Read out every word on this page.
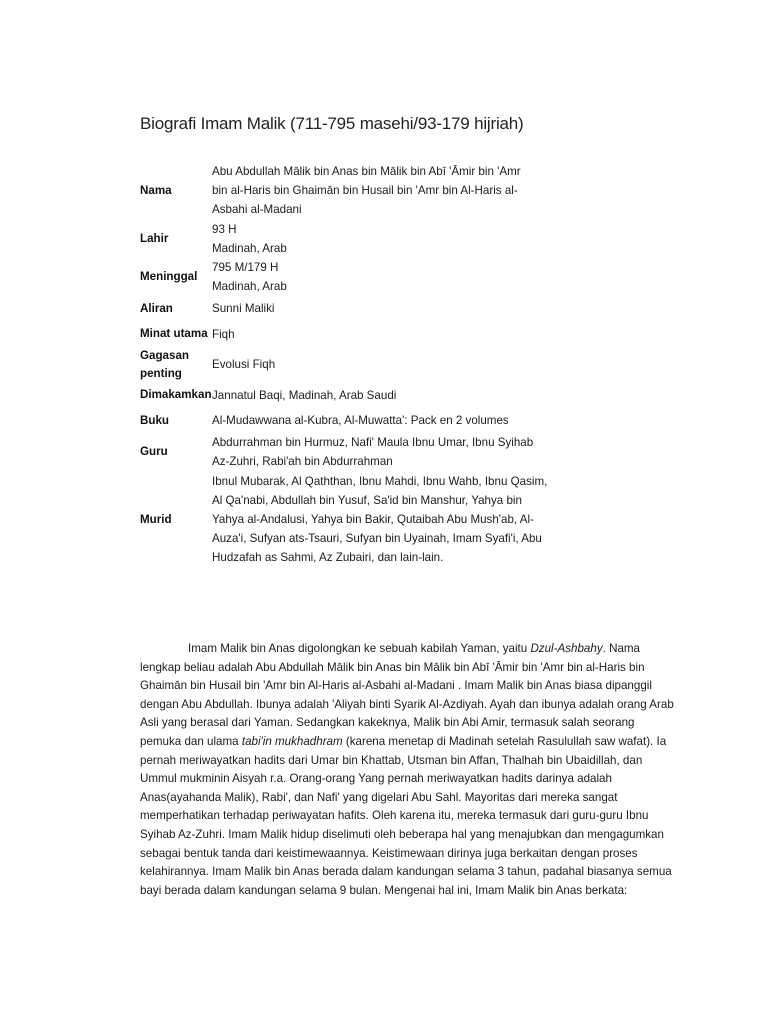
Biografi Imam Malik (711-795 masehi/93-179 hijriah)
Nama	Abu Abdullah Mālik bin Anas bin Mālik bin Abī 'Āmir bin 'Amr
bin al-Haris bin Ghaimān bin Husail bin 'Amr bin Al-Haris al-
Asbahi al-Madani

Lahir	93 H
Madinah, Arab

Meninggal	795 M/179 H
Madinah, Arab

Aliran	Sunni Maliki

Minat utama	Fiqh

Gagasan penting	Evolusi Fiqh

Dimakamkan	Jannatul Baqi, Madinah, Arab Saudi

Buku	Al-Mudawwana al-Kubra, Al-Muwatta': Pack en 2 volumes

Guru	Abdurrahman bin Hurmuz, Nafi' Maula Ibnu Umar, Ibnu Syihab
Az-Zuhri, Rabi'ah bin Abdurrahman

Murid	Ibnul Mubarak, Al Qaththan, Ibnu Mahdi, Ibnu Wahb, Ibnu Qasim,
Al Qa'nabi, Abdullah bin Yusuf, Sa'id bin Manshur, Yahya bin
Yahya al-Andalusi, Yahya bin Bakir, Qutaibah Abu Mush'ab, Al-
Auza'i, Sufyan ats-Tsauri, Sufyan bin Uyainah, Imam Syafi'i, Abu
Hudzafah as Sahmi, Az Zubairi, dan lain-lain.
Imam Malik bin Anas digolongkan ke sebuah kabilah Yaman, yaitu Dzul-Ashbahy. Nama
lengkap beliau adalah Abu Abdullah Mālik bin Anas bin Mālik bin Abī 'Āmir bin 'Amr bin al-Haris bin
Ghaimān bin Husail bin 'Amr bin Al-Haris al-Asbahi al-Madani . Imam Malik bin Anas biasa dipanggil
dengan Abu Abdullah. Ibunya adalah 'Aliyah binti Syarik Al-Azdiyah. Ayah dan ibunya adalah orang Arab
Asli yang berasal dari Yaman. Sedangkan kakeknya, Malik bin Abi Amir, termasuk salah seorang
pemuka dan ulama tabi'in mukhadhram (karena menetap di Madinah setelah Rasulullah saw wafat). Ia
pernah meriwayatkan hadits dari Umar bin Khattab, Utsman bin Affan, Thalhah bin Ubaidillah, dan
Ummul mukminin Aisyah r.a. Orang-orang Yang pernah meriwayatkan hadits darinya adalah
Anas(ayahanda Malik), Rabi', dan Nafi' yang digelari Abu Sahl. Mayoritas dari mereka sangat
memperhatikan terhadap periwayatan hafits. Oleh karena itu, mereka termasuk dari guru-guru Ibnu
Syihab Az-Zuhri. Imam Malik hidup diselimuti oleh beberapa hal yang menajubkan dan mengagumkan
sebagai bentuk tanda dari keistimewaannya. Keistimewaan dirinya juga berkaitan dengan proses
kelahirannya. Imam Malik bin Anas berada dalam kandungan selama 3 tahun, padahal biasanya semua
bayi berada dalam kandungan selama 9 bulan. Mengenai hal ini, Imam Malik bin Anas berkata:
